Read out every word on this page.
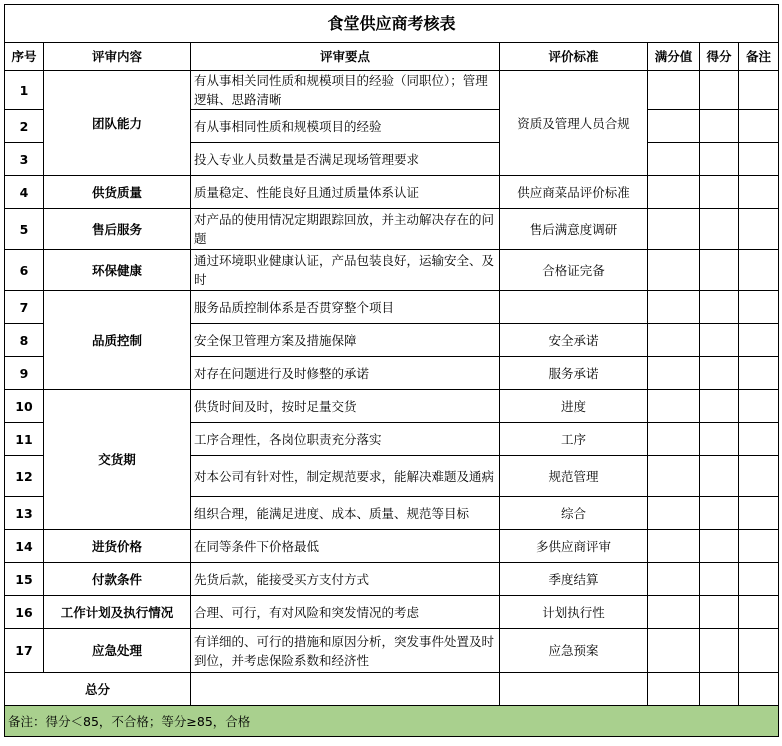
食堂供应商考核表						
序号	评审内容	评审要点	评价标准	满分值	得分	备注
1	团队能力	有从事相关同性质和规模项目的经验（同职位）；管理逻辑、思路清晰	资质及管理人员合规			
2		有从事相同性质和规模项目的经验				
3		投入专业人员数量是否满足现场管理要求				
4	供货质量	质量稳定、性能良好且通过质量体系认证	供应商菜品评价标准			
5	售后服务	对产品的使用情况定期跟踪回放，并主动解决存在的问题	售后满意度调研			
6	环保健康	通过环境职业健康认证，产品包装良好，运输安全、及时	合格证完备			
7	品质控制	服务品质控制体系是否贯穿整个项目				
8		安全保卫管理方案及措施保障	安全承诺			
9		对存在问题进行及时修整的承诺	服务承诺			
10	交货期	供货时间及时，按时足量交货	进度			
11		工序合理性，各岗位职责充分落实	工序			
12		对本公司有针对性，制定规范要求，能解决难题及通病	规范管理			
13		组织合理，能满足进度、成本、质量、规范等目标	综合			
14	进货价格	在同等条件下价格最低	多供应商评审			
15	付款条件	先货后款，能接受买方支付方式	季度结算			
16	工作计划及执行情况	合理、可行，有对风险和突发情况的考虑	计划执行性			
17	应急处理	有详细的、可行的措施和原因分析，突发事件处置及时到位，并考虑保险系数和经济性	应急预案			
总分						
备注：得分＜85，不合格；等分≥85，合格						
